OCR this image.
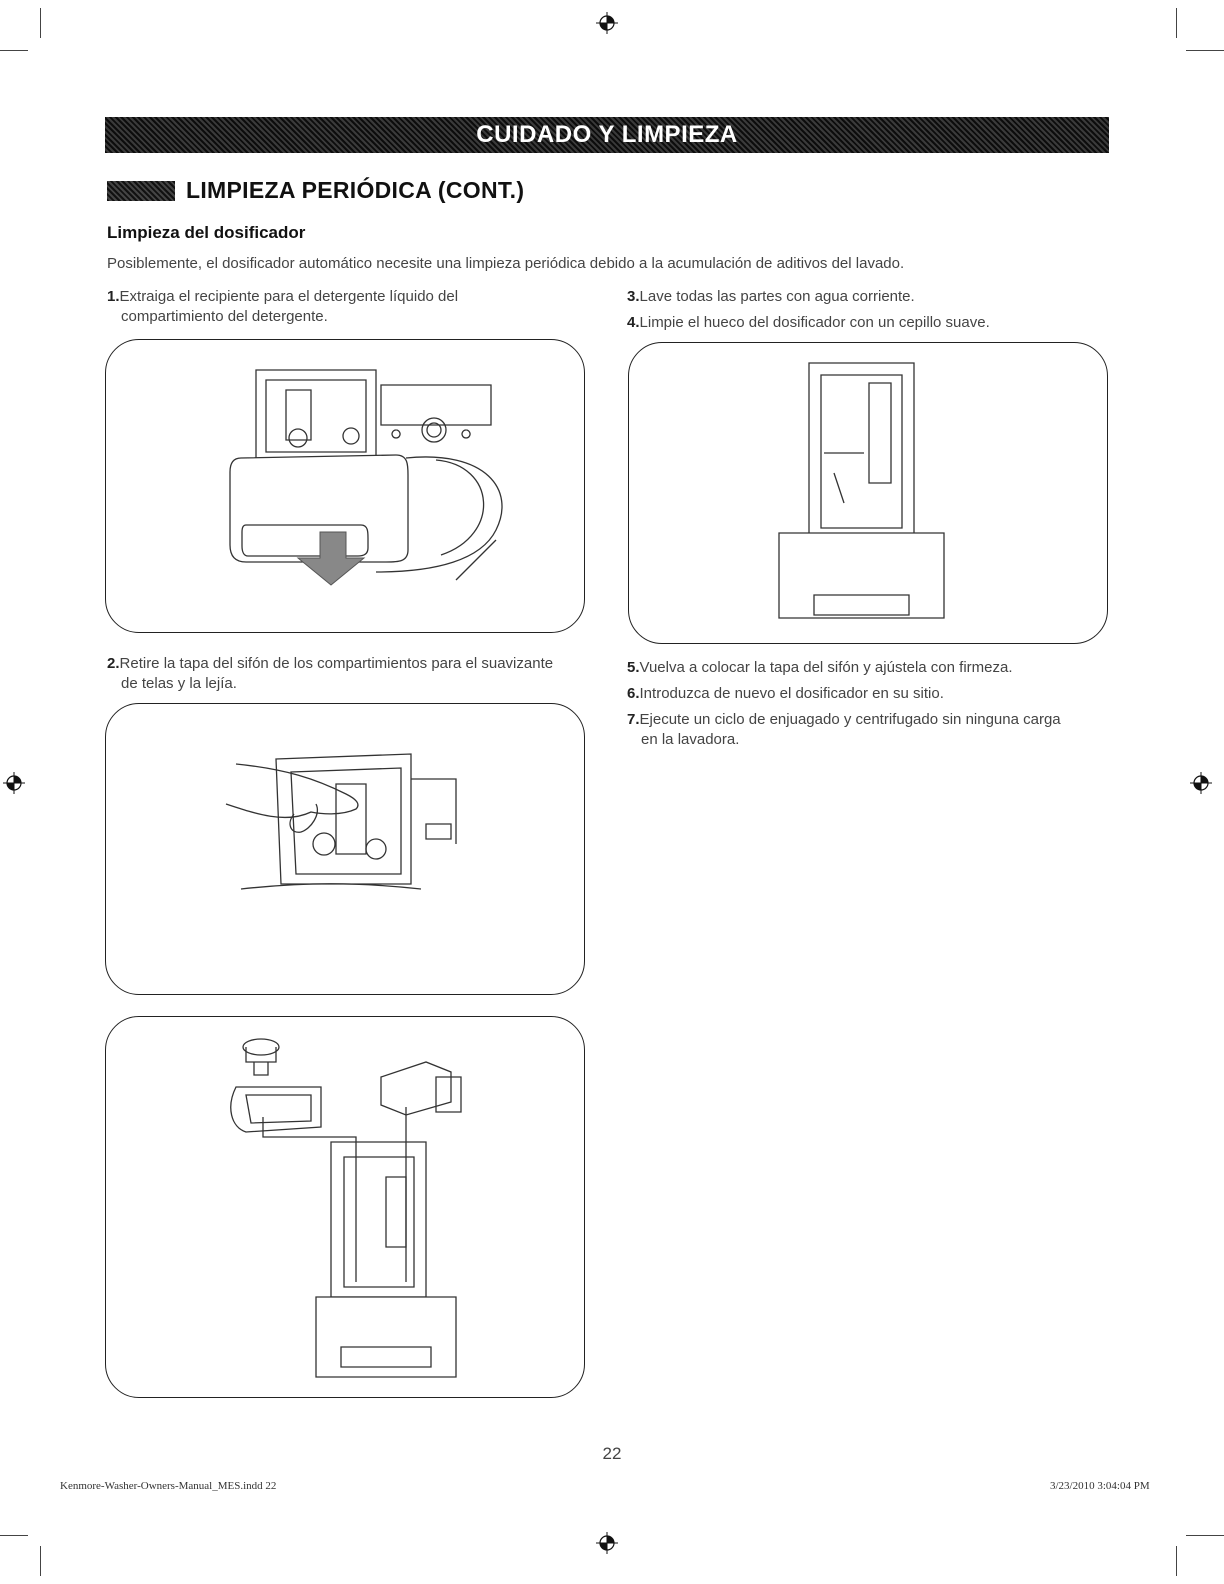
CUIDADO Y LIMPIEZA
LIMPIEZA PERIÓDICA (CONT.)
Limpieza del dosificador
Posiblemente, el dosificador automático necesite una limpieza periódica debido a la acumulación de aditivos del lavado.
1.Extraiga el recipiente para el detergente líquido del
compartimiento del detergente.
2.Retire la tapa del sifón de los compartimientos para el suavizante
de telas y la lejía.
3.Lave todas las partes con agua corriente.
4.Limpie el hueco del dosificador con un cepillo suave.
5.Vuelva a colocar la tapa del sifón y ajústela con firmeza.
6.Introduzca de nuevo el dosificador en su sitio.
7.Ejecute un ciclo de enjuagado y centrifugado sin ninguna carga
en la lavadora.
22
Kenmore-Washer-Owners-Manual_MES.indd 22	3/23/2010 3:04:04 PM
